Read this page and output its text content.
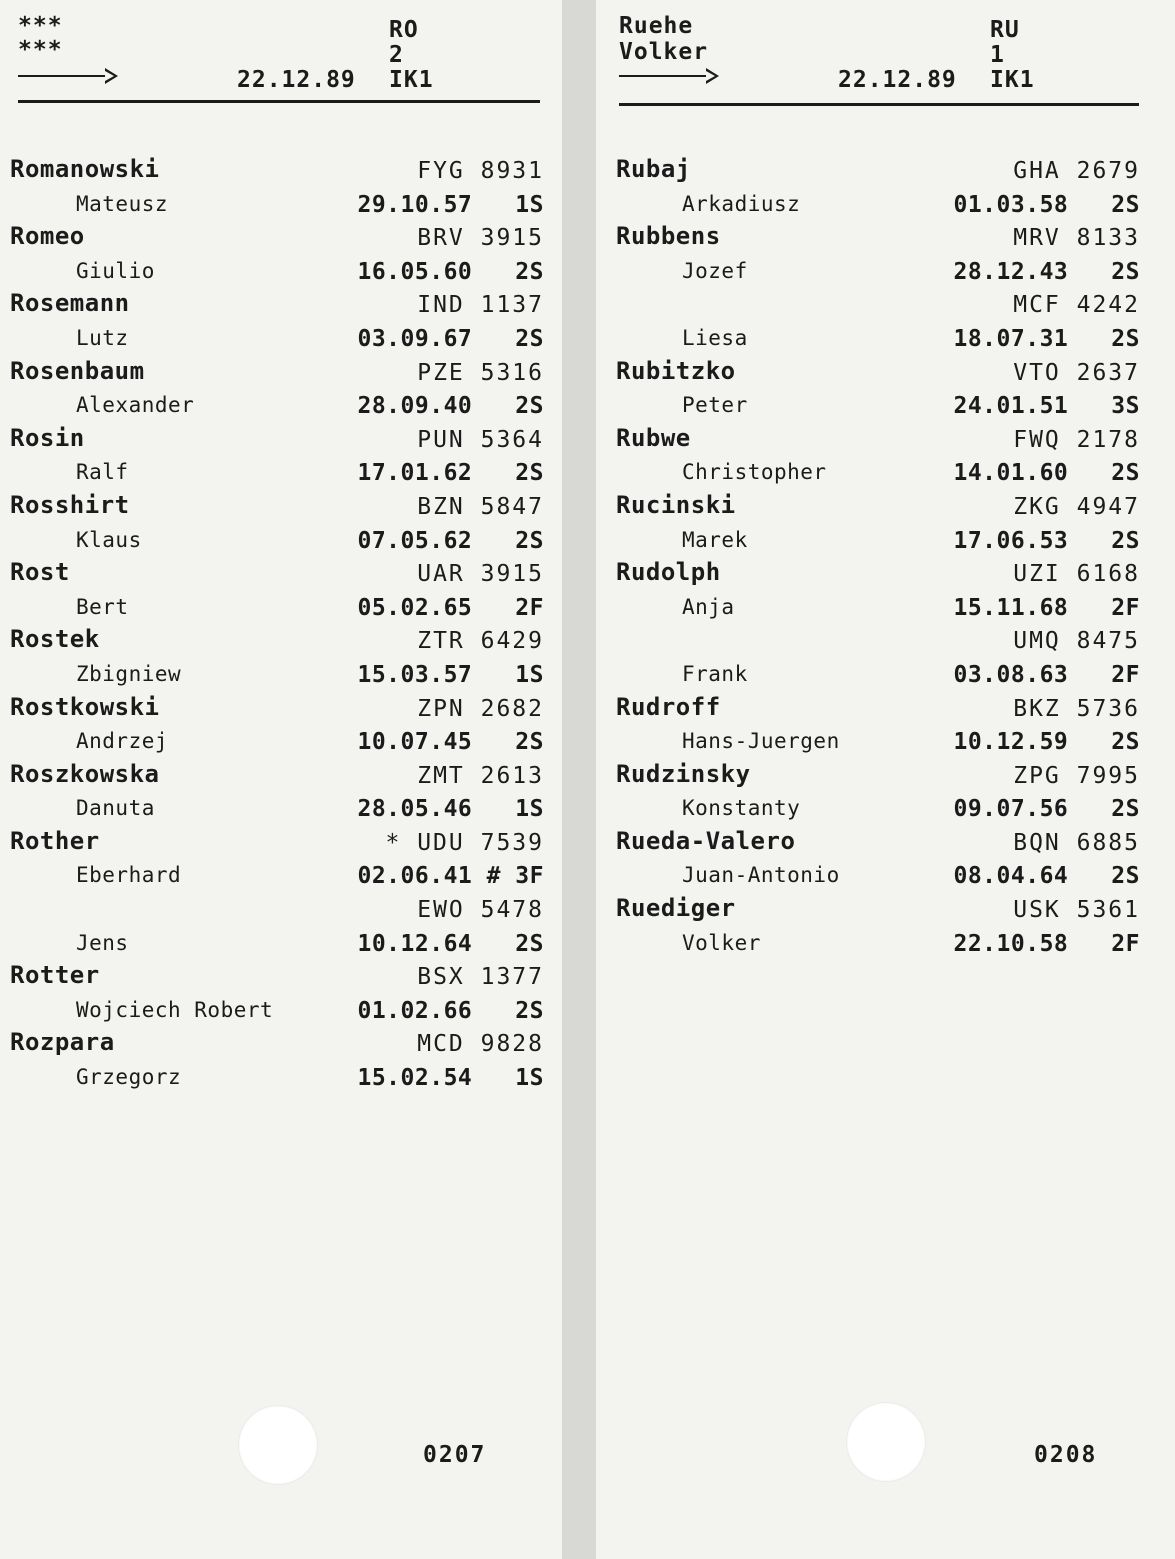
***
***
RO
2
22.12.89 IK1
Romanowski	FYG 8931
Mateusz	29.10.57   1S
Romeo	BRV 3915
Giulio	16.05.60   2S
Rosemann	IND 1137
Lutz	03.09.67   2S
Rosenbaum	PZE 5316
Alexander	28.09.40   2S
Rosin	PUN 5364
Ralf	17.01.62   2S
Rosshirt	BZN 5847
Klaus	07.05.62   2S
Rost	UAR 3915
Bert	05.02.65   2F
Rostek	ZTR 6429
Zbigniew	15.03.57   1S
Rostkowski	ZPN 2682
Andrzej	10.07.45   2S
Roszkowska	ZMT 2613
Danuta	28.05.46   1S
Rother	* UDU 7539
Eberhard	02.06.41 # 3F
EWO 5478
Jens	10.12.64   2S
Rotter	BSX 1377
Wojciech Robert	01.02.66   2S
Rozpara	MCD 9828
Grzegorz	15.02.54   1S
0207
Ruehe
Volker
RU
1
22.12.89 IK1
Rubaj	GHA 2679
Arkadiusz	01.03.58   2S
Rubbens	MRV 8133
Jozef	28.12.43   2S
MCF 4242
Liesa	18.07.31   2S
Rubitzko	VTO 2637
Peter	24.01.51   3S
Rubwe	FWQ 2178
Christopher	14.01.60   2S
Rucinski	ZKG 4947
Marek	17.06.53   2S
Rudolph	UZI 6168
Anja	15.11.68   2F
UMQ 8475
Frank	03.08.63   2F
Rudroff	BKZ 5736
Hans-Juergen	10.12.59   2S
Rudzinsky	ZPG 7995
Konstanty	09.07.56   2S
Rueda-Valero	BQN 6885
Juan-Antonio	08.04.64   2S
Ruediger	USK 5361
Volker	22.10.58   2F
0208
